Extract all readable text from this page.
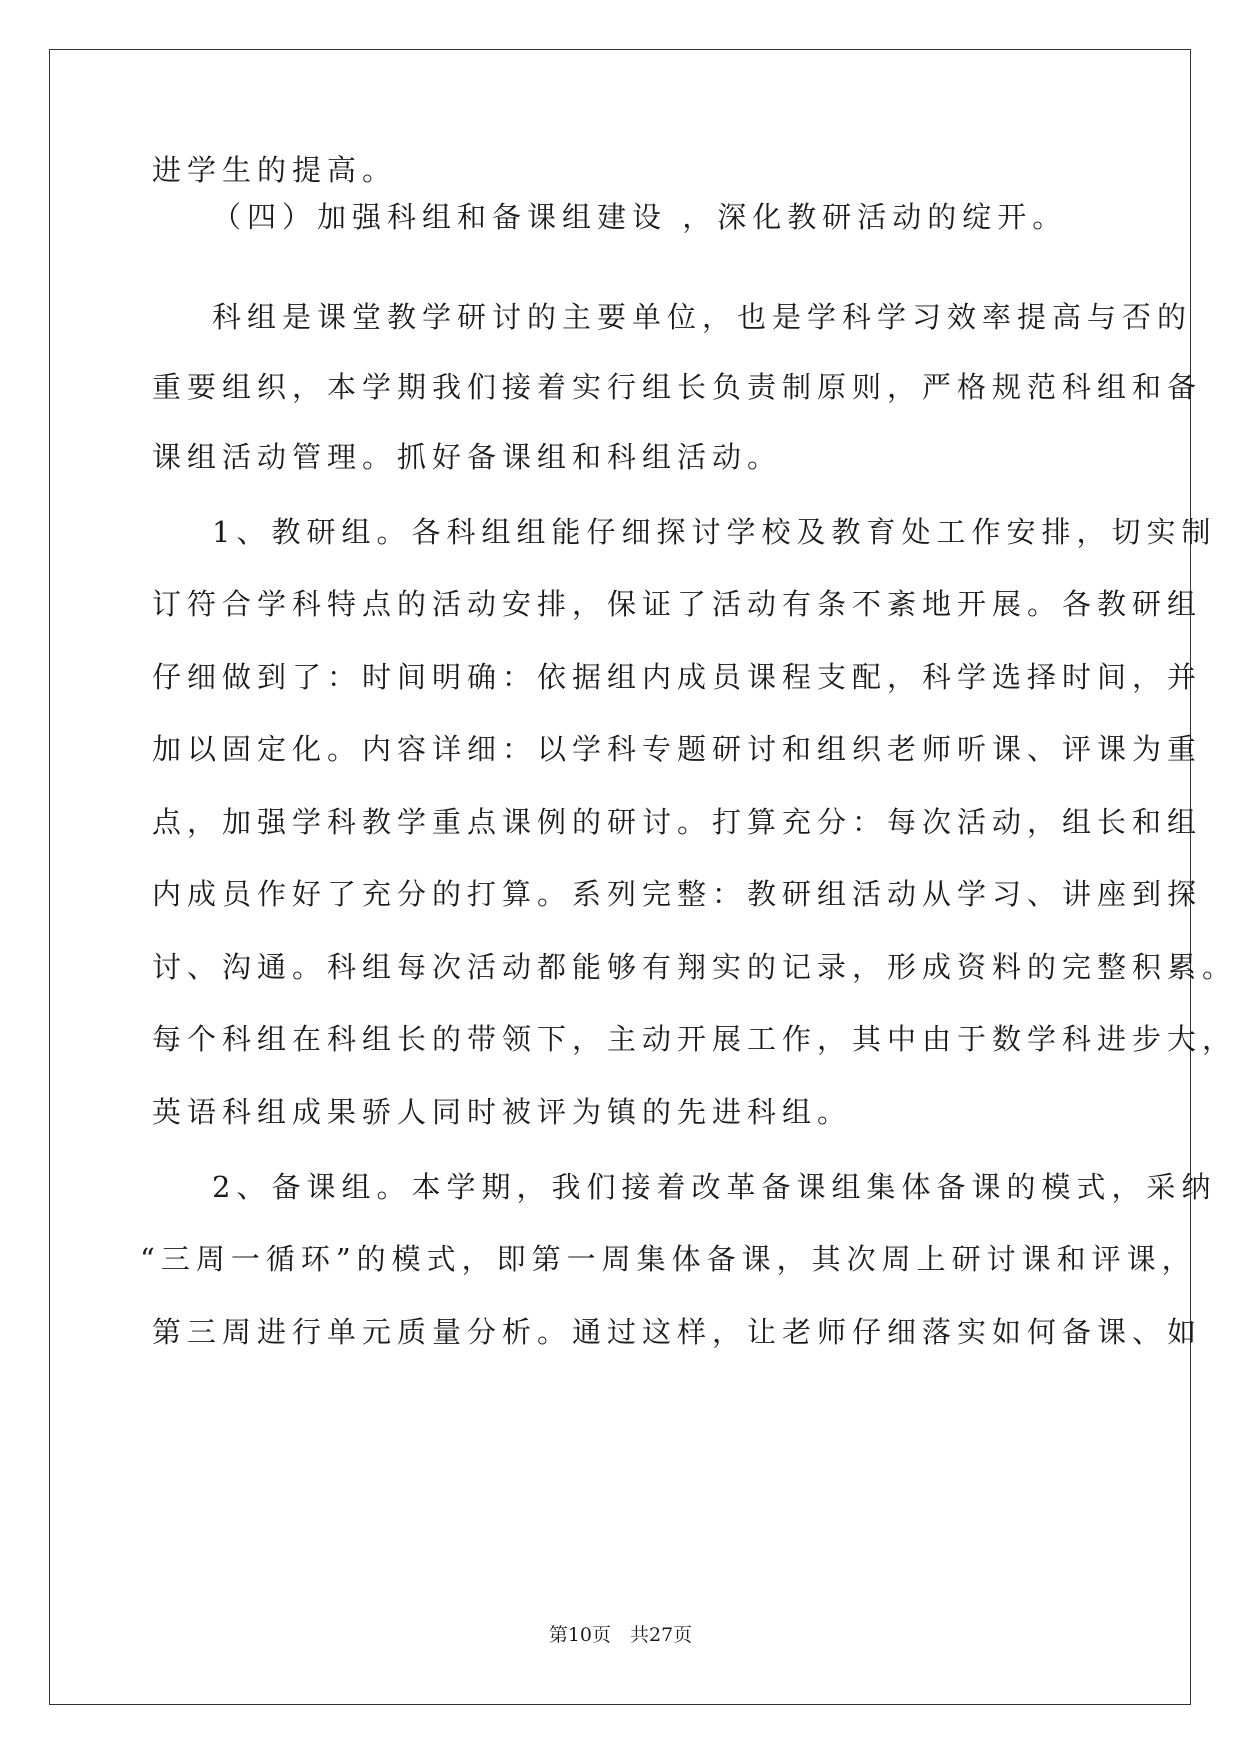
进学生的提高。
（四）加强科组和备课组建设 ，深化教研活动的绽开。
科组是课堂教学研讨的主要单位，也是学科学习效率提高与否的
重要组织，本学期我们接着实行组长负责制原则，严格规范科组和备
课组活动管理。抓好备课组和科组活动。
1、教研组。各科组组能仔细探讨学校及教育处工作安排，切实制
订符合学科特点的活动安排，保证了活动有条不紊地开展。各教研组
仔细做到了：时间明确：依据组内成员课程支配，科学选择时间，并
加以固定化。内容详细：以学科专题研讨和组织老师听课、评课为重
点，加强学科教学重点课例的研讨。打算充分：每次活动，组长和组
内成员作好了充分的打算。系列完整：教研组活动从学习、讲座到探
讨、沟通。科组每次活动都能够有翔实的记录，形成资料的完整积累。
每个科组在科组长的带领下，主动开展工作，其中由于数学科进步大，
英语科组成果骄人同时被评为镇的先进科组。
2、备课组。本学期，我们接着改革备课组集体备课的模式，采纳
“三周一循环”的模式，即第一周集体备课，其次周上研讨课和评课，
第三周进行单元质量分析。通过这样，让老师仔细落实如何备课、如
第10页　共27页
